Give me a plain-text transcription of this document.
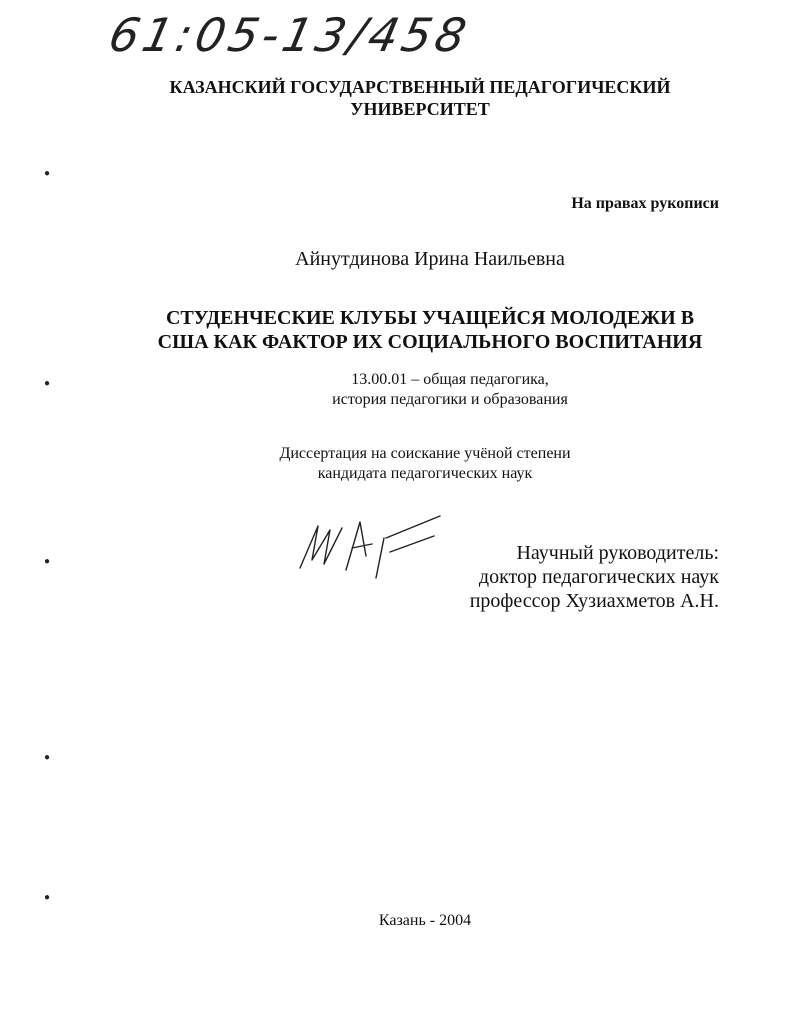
61:05-13/458
КАЗАНСКИЙ ГОСУДАРСТВЕННЫЙ ПЕДАГОГИЧЕСКИЙ
УНИВЕРСИТЕТ
На правах рукописи
Айнутдинова Ирина Наильевна
СТУДЕНЧЕСКИЕ КЛУБЫ УЧАЩЕЙСЯ МОЛОДЕЖИ В
США КАК ФАКТОР ИХ СОЦИАЛЬНОГО ВОСПИТАНИЯ
13.00.01 – общая педагогика,
история педагогики и образования
Диссертация на соискание учёной степени
кандидата педагогических наук
Научный руководитель:
доктор педагогических наук
профессор Хузиахметов А.Н.
Казань - 2004
●
●
●
●
●
